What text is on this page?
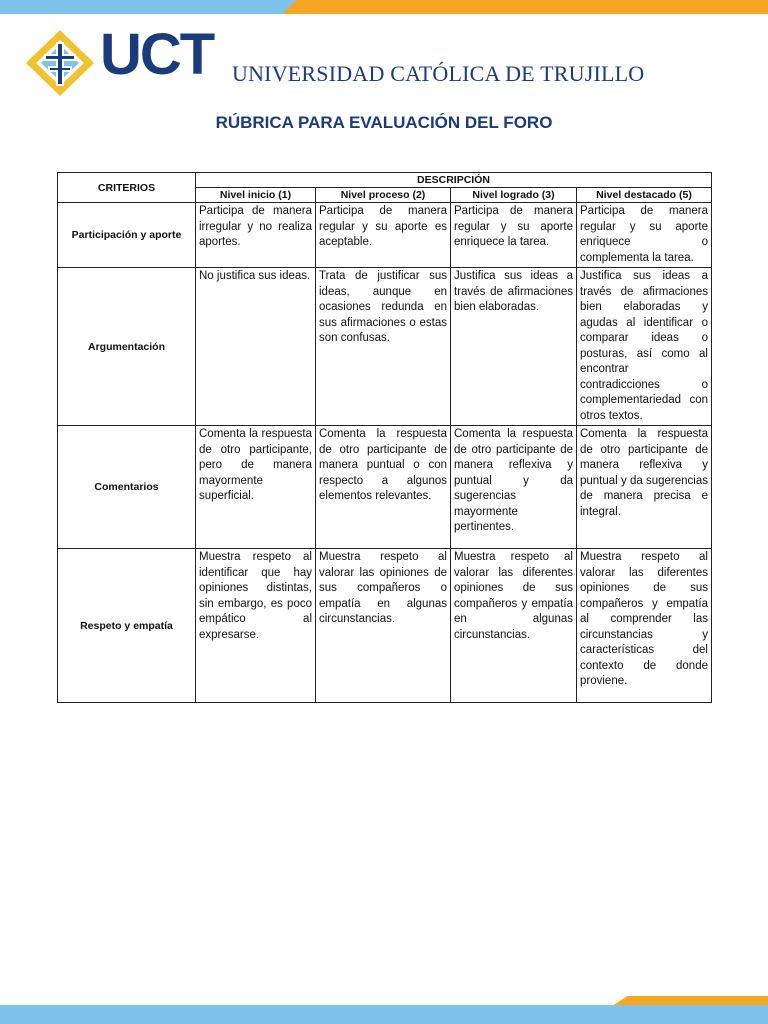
UCT UNIVERSIDAD CATÓLICA DE TRUJILLO
RÚBRICA PARA EVALUACIÓN DEL FORO
CRITERIOS	DESCRIPCIÓN			
	Nivel inicio (1)	Nivel proceso (2)	Nivel logrado (3)	Nivel destacado (5)
Participación y aporte	Participa de manera irregular y no realiza aportes.	Participa de manera regular y su aporte es aceptable.	Participa de manera regular y su aporte enriquece la tarea.	Participa de manera regular y su aporte enriquece o complementa la tarea.
Argumentación	No justifica sus ideas.	Trata de justificar sus ideas, aunque en ocasiones redunda en sus afirmaciones o estas son confusas.	Justifica sus ideas a través de afirmaciones bien elaboradas.	Justifica sus ideas a través de afirmaciones bien elaboradas y agudas al identificar o comparar ideas o posturas, así como al encontrar contradicciones o complementariedad con otros textos.
Comentarios	Comenta la respuesta de otro participante, pero de manera mayormente superficial.	Comenta la respuesta de otro participante de manera puntual o con respecto a algunos elementos relevantes.	Comenta la respuesta de otro participante de manera reflexiva y puntual y da sugerencias mayormente pertinentes.	Comenta la respuesta de otro participante de manera reflexiva y puntual y da sugerencias de manera precisa e integral.
Respeto y empatía	Muestra respeto al identificar que hay opiniones distintas, sin embargo, es poco empático al expresarse.	Muestra respeto al valorar las opiniones de sus compañeros o empatía en algunas circunstancias.	Muestra respeto al valorar las diferentes opiniones de sus compañeros y empatía en algunas circunstancias.	Muestra respeto al valorar las diferentes opiniones de sus compañeros y empatía al comprender las circunstancias y características del contexto de donde proviene.
